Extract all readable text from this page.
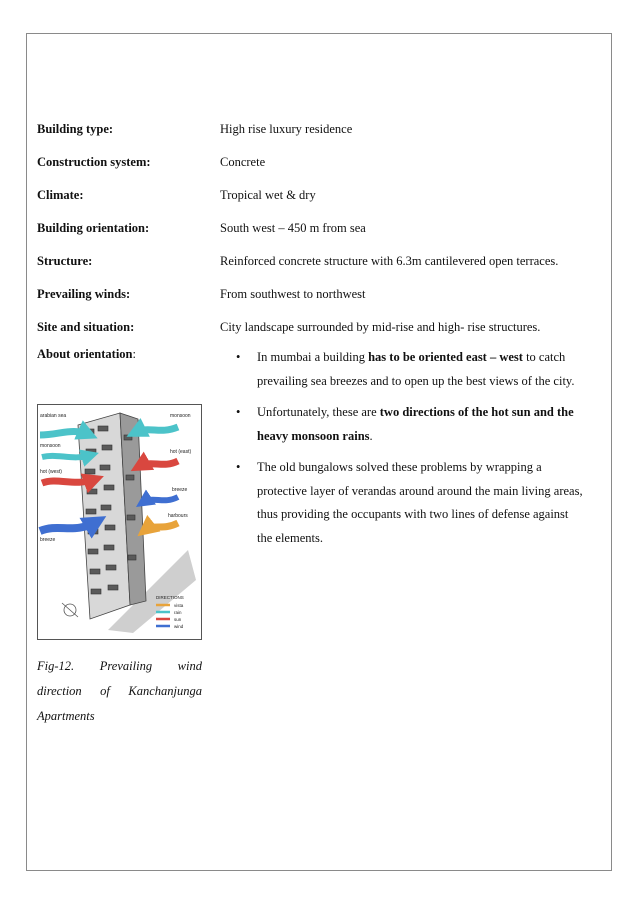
Building type:	High rise luxury residence
Construction system:	Concrete
Climate:	Tropical wet & dry
Building orientation:	South west – 450 m from sea
Structure:	Reinforced concrete structure with 6.3m cantilevered open terraces.
Prevailing winds:	From southwest to northwest
Site and situation:	City landscape surrounded by mid-rise and high- rise structures.
About orientation:	• In mumbai a building has to be oriented east – west to catch prevailing sea breezes and to open up the best views of the city.
• Unfortunately, these are two directions of the hot sun and the heavy monsoon rains.
• The old bungalows solved these problems by wrapping a protective layer of verandas around around the main living areas, thus providing the occupants with two lines of defense against the elements.
arabian sea
monsoon
hot (west)
breeze
monsoon
hot (east)
breeze
harbours
DIRECTIONS
vista
rain
sun
wind
Fig-12. Prevailing wind direction of Kanchanjunga Apartments
